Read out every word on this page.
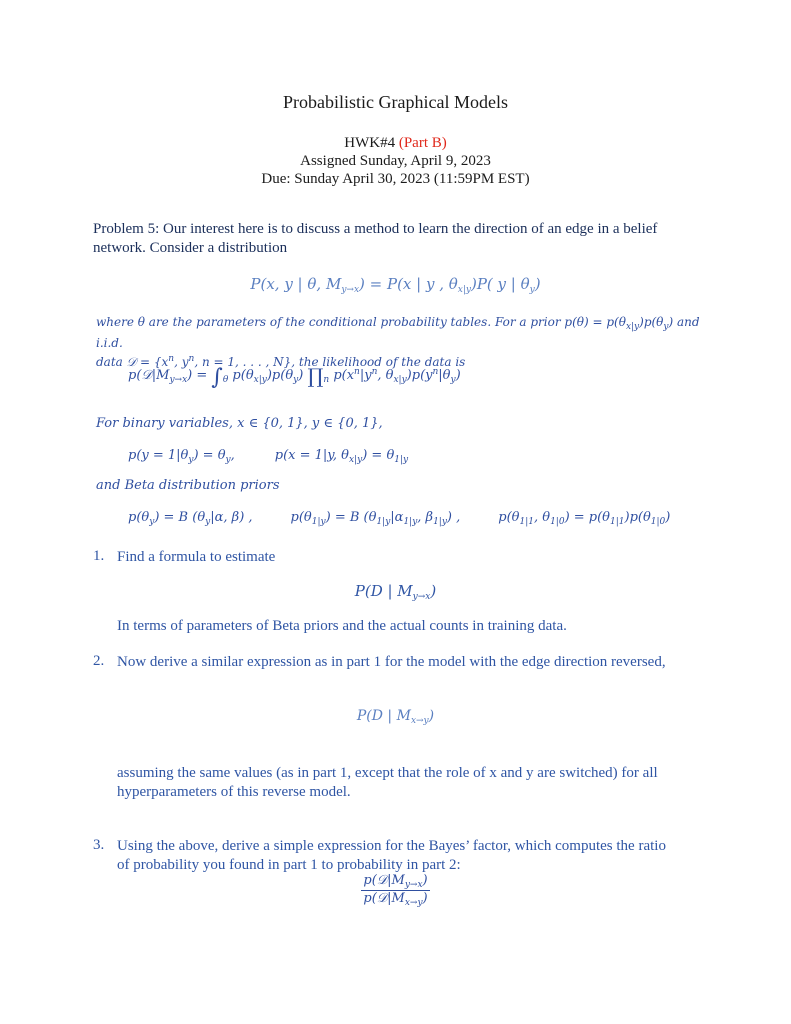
Probabilistic Graphical Models
HWK#4 (Part B)
Assigned Sunday, April 9, 2023
Due: Sunday April 30, 2023 (11:59PM EST)
Problem 5: Our interest here is to discuss a method to learn the direction of an edge in a belief
network. Consider a distribution
P(x, y | θ, $M_{y\to x}) = P(x$ | y , $\theta_{x|y})P$( y | $\theta_y$)
where θ are the parameters of the conditional probability tables. For a prior $p(\theta) = p(\theta_{x|y})p(\theta_y)$ and i.i.d.
data 𝒟 = {$x^n$, $y^n$, n = 1, . . . , N}, the likelihood of the data is
$p(𝒟|M_{y\to x}) = \int_\theta$ $p(\theta_{x|y})p(\theta_y)$ $\prod_n$ $p(x^n|y^n$, $\theta_{x|y})p(y^n|\theta_y)$
For binary variables, x ∈ {0, 1}, y ∈ {0, 1},
$p(y = 1|\theta_y) = \theta_y$,	p(x = 1|y, $\theta_{x|y}) = \theta_{1|y}$
and Beta distribution priors
$p(\theta_y) = B$ ($\theta_y|\alpha$, β) ,	$p(\theta_{1|y}) = B$ ($\theta_{1|y}|\alpha_{1|y}$, $\beta_{1|y}$) ,	$p(\theta_{1|1}$, $\theta_{1|0}) = p(\theta_{1|1})p(\theta_{1|0})$
1. Find a formula to estimate
P(D | $M_{y\to x}$)
In terms of parameters of Beta priors and the actual counts in training data.
2. Now derive a similar expression as in part 1 for the model with the edge direction reversed,
P(D | $M_{x\to y}$)
assuming the same values (as in part 1, except that the role of x and y are switched) for all
hyperparameters of this reverse model.
3. Using the above, derive a simple expression for the Bayes’ factor, which computes the ratio
of probability you found in part 1 to probability in part 2:
$\frac{p(𝒟|M_{y\to x})}{p(𝒟|M_{x\to y})}$
